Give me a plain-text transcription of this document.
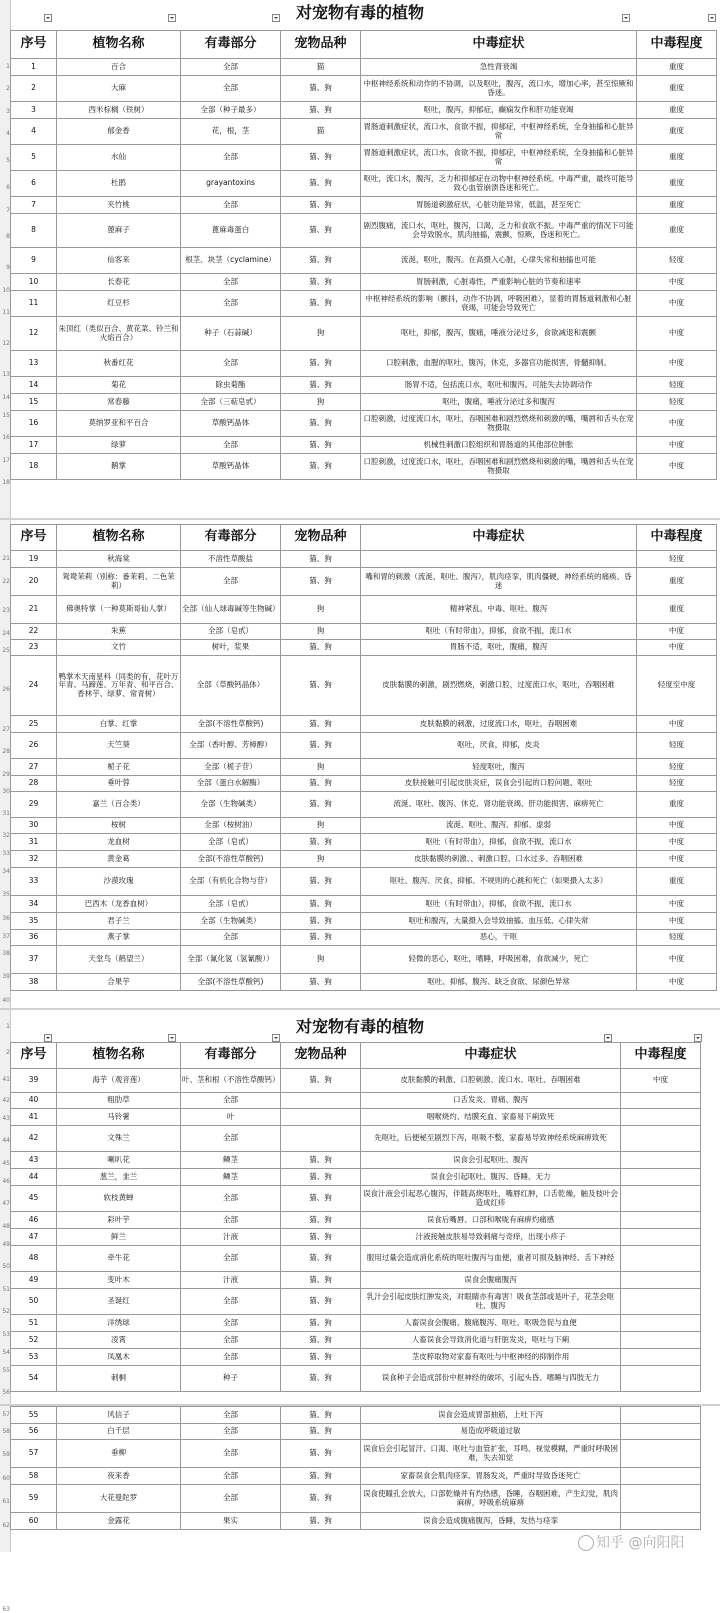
1
2
3
4
5
6
7
8
9
10
11
12
13
14
15
16
17
18
对宠物有毒的植物
序号	植物名称	有毒部分	宠物品种	中毒症状	中毒程度
1	百合	全部	猫	急性肾衰竭	重度
2	大麻	全部	猫、狗	中枢神经系统和动作的不协调，以及呕吐，腹泻，流口水，增加心率，甚至惊厥和昏迷。	重度
3	西米棕榈（铁树）	全部（种子最多）	猫、狗	呕吐，腹泻，抑郁症，癫痫发作和肝功能衰竭	重度
4	郁金香	花，根，茎	猫	胃肠道刺激症状，流口水，食欲不振，抑郁症，中枢神经系统，全身抽搐和心脏异常	重度
5	水仙	全部	猫、狗	胃肠道刺激症状，流口水，食欲不振，抑郁症，中枢神经系统，全身抽搐和心脏异常	重度
6	杜鹃	grayantoxins	猫、狗	呕吐，流口水，腹泻，乏力和抑郁症在动物中枢神经系统。中毒严重，最终可能导致心血管崩溃昏迷和死亡。	重度
7	夹竹桃	全部	猫、狗	胃肠道刺激症状，心脏功能异常，低温，甚至死亡	重度
8	蓖麻子	蓖麻毒蛋白	猫、狗	剧烈腹痛，流口水，呕吐，腹泻，口渴，乏力和食欲不振。中毒严重的情况下可能会导致脱水，肌肉抽搐，震颤，惊厥，昏迷和死亡。	重度
9	仙客来	根茎、块茎（cyclamine）	猫、狗	流涎，呕吐，腹泻。在高摄入心脏，心律失常和抽搐也可能	轻度
10	长春花	全部	猫、狗	胃肠刺激，心脏毒性，严重影响心脏的节奏和速率	中度
11	红豆杉	全部	猫、狗	中枢神经系统的影响（颤抖，动作不协调，呼吸困难），显着的胃肠道刺激和心脏衰竭，可能会导致死亡	中度
12	朱顶红（类似百合、黄花菜、铃兰和火焰百合）	种子（石蒜碱）	狗	呕吐，抑郁，腹泻，腹痛，唾液分泌过多，食欲减退和震颤	中度
13	秋番红花	全部	猫、狗	口腔刺激，血腥的呕吐，腹泻，休克，多器官功能损害，骨髓抑制。	中度
14	菊花	除虫菊酯	猫、狗	肠胃不适，包括流口水，呕吐和腹泻。可能失去协调动作	轻度
15	常春藤	全部（三萜皂甙）	狗	呕吐，腹痛，唾液分泌过多和腹泻	轻度
16	莫纳罗亚和平百合	草酸钙晶体	猫、狗	口腔刺激，过度流口水，呕吐，吞咽困难和剧烈燃烧和刺激的嘴，嘴唇和舌头在宠物摄取	中度
17	绿萝	全部	猫、狗	机械性刺激口腔组织和胃肠道的其他部位肿胀	中度
18	鹅掌	草酸钙晶体	猫、狗	口腔刺激，过度流口水，呕吐，吞咽困难和剧烈燃烧和刺激的嘴，嘴唇和舌头在宠物摄取	中度
21
22
23
24
25
26
27
28
29
30
31
32
33
34
35
36
37
38
39
40
序号	植物名称	有毒部分	宠物品种	中毒症状	中毒程度
19	秋海棠	不溶性草酸盐	猫、狗		轻度
20	鸳鸯茉莉（别称：番茉莉、二色茉莉）	全部	猫、狗	嘴和胃的刺激（流涎、呕吐、腹泻），肌肉痉挛，肌肉僵硬，神经系统的痛痪、昏迷	重度
21	佛奥特掌（一种莫斯哥仙人掌）	全部（仙人球毒碱等生物碱）	狗	精神紧乱、中毒、呕吐、腹泻	重度
22	朱蕉	全部（皂甙）	狗	呕吐（有时带血），抑郁，食欲不振，流口水	中度
23	文竹	树叶，浆果	猫、狗	胃肠不适，呕吐，腹痛，腹泻	中度
24	鸭掌木天南星科（同类的有，花叶万年青、马蹄莲、万年青、和平百合、香林芋、绿萝、常青树）	全部（草酸钙晶体）	猫、狗	皮肤黏膜的刺激，剧烈燃烧，刺激口腔，过度流口水，呕吐，吞咽困难	轻度至中度
25	白掌、红掌	全部(不溶性草酸钙)	猫、狗	皮肤黏膜的刺激，过度流口水，呕吐，吞咽困难	中度
26	天竺葵	全部（香叶醇、芳樟醇）	猫、狗	呕吐，厌食，抑郁，皮炎	轻度
27	栀子花	全部（栀子苷）	狗	轻度呕吐，腹泻	轻度
28	垂叶蓉	全部（蛋白水解酶）	猫、狗	皮肤接触可引起皮肤炎症，误食会引起的口腔问题、呕吐	轻度
29	嘉兰（百合类）	全部（生物碱类）	猫、狗	流涎、呕吐、腹泻、休克、肾功能衰竭、肝功能损害、麻痹死亡	重度
30	桉树	全部（桉树油）	狗	流涎、呕吐、腹泻、抑郁、虚弱	中度
31	龙血树	全部（皂甙）	猫、狗	呕吐（有时带血），抑郁，食欲不振，流口水	中度
32	黄金葛	全部(不溶性草酸钙)	狗	皮肤黏膜的刺激、、刺激口腔、口水过多、吞咽困难	中度
33	沙漠玫瑰	全部（有机化合物与苷）	猫、狗	呕吐、腹泻、厌食、抑郁、不规则的心跳和死亡（如果摄入太多）	重度
34	巴西木（龙香血树）	全部（皂甙）	猫、狗	呕吐（有时带血），抑郁，食欲不振，流口水	中度
35	君子兰	全部（生物碱类）	猫、狗	呕吐和腹泻，大量摄入会导致抽搐、血压低、心律失常	中度
36	燕子掌	全部	猫、狗	恶心，干呕	轻度
37	天堂鸟（鹤望兰）	全部（氰化氢（氢氰酸））	狗	轻微的恶心，呕吐，嗜睡，呼吸困难，食欲减少，死亡	中度
38	合果芋	全部(不溶性草酸钙)	猫、狗	呕吐、抑郁、腹泻、缺乏食欲、尿颜色异常	中度
1
2
41
42
43
44
45
46
47
48
49
50
51
52
53
54
55
56
对宠物有毒的植物
序号	植物名称	有毒部分	宠物品种	中毒症状	中毒程度
39	海芋（观音莲）	叶、茎和根（不溶性草酸钙）	猫、狗	皮肤黏膜的刺激、口腔刺激、流口水、呕吐、吞咽困难	中度
40	粗肋草	全部		口舌发炎、胃痛、腹泻	
41	马铃薯	叶		咽喉烧灼、结膜充血、家畜易下痢致死	
42	文殊兰	全部		先呕吐，后便秘至剧烈下泻，呕吸不整，家畜易导致神经系统麻痹致死	
43	喇叭花	鳞茎	猫、狗	误食会引起呕吐、腹泻	
44	葱兰，韭兰	鳞茎	猫、狗	误食会引起呕吐、腹泻、昏睡、无力	
45	软枝黄蝉	全部	猫、狗	误食汁液会引起恶心腹泻，伴随高烧呕吐，嘴唇红肿，口舌乾燥，触及枝叶会造成红疹	
46	彩叶芋	全部	猫、狗	误食后嘴唇、口部和喉咙有麻痹灼痛感	
47	鲜兰	汁液	猫、狗	汁液接触皮肤易导致刺痛与奇痒，出现小疹子	
48	牵牛花	全部	猫、狗	服用过量会造成消化系统的呕吐腹泻与血便，重者可损及脑神经、舌下神经	
49	变叶木	汁液	猫、狗	误食会腹痛腹泻	
50	圣诞红	全部	猫、狗	乳汁会引起皮肤红肿发炎，对眼睛亦有毒害！吸食茎部或是叶子，花茎会呕吐、腹泻	
51	洋绣球	全部	猫、狗	人畜误食会腹痛、腹痛腹泻、呕吐、呕吸急促与血便	
52	凌霄	全部	猫、狗	人畜误食会导致消化道与肝脏发炎，呕吐与下痢	
53	凤凰木	全部	猫、狗	茎皮粹取物对家畜有呕吐与中枢神经的抑制作用	
54	刺桐	种子	猫、狗	误食种子会造成部份中枢神经的破坏，引起头昏、嗜睡与四肢无力	
57
58
59
60
61
62
63
55	风信子	全部	猫、狗	误食会造成胃部抽筋，上吐下泻	
56	白千层	全部	猫、狗	易造成呼吸道过敏	
57	垂柳	全部	猫、狗	误食后会引起冒汗、口渴、呕吐与血管扩张，耳鸣、视觉模糊，严重时呼吸困难，失去知觉	
58	夜来香	全部	猫、狗	家畜误食会肌肉痉挛、胃肠发炎，严重时导致昏迷死亡	
59	大花曼陀罗	全部	猫、狗	误食使瞳孔会放大，口部乾燥并有灼热感，昏睡，吞咽困难，产生幻觉，肌肉麻痹，呼吸系统麻痹	
60	金露花	果实	猫、狗	误食会造成腹痛腹泻，昏睡，发热与痉挛	
知乎 @向阳阳
